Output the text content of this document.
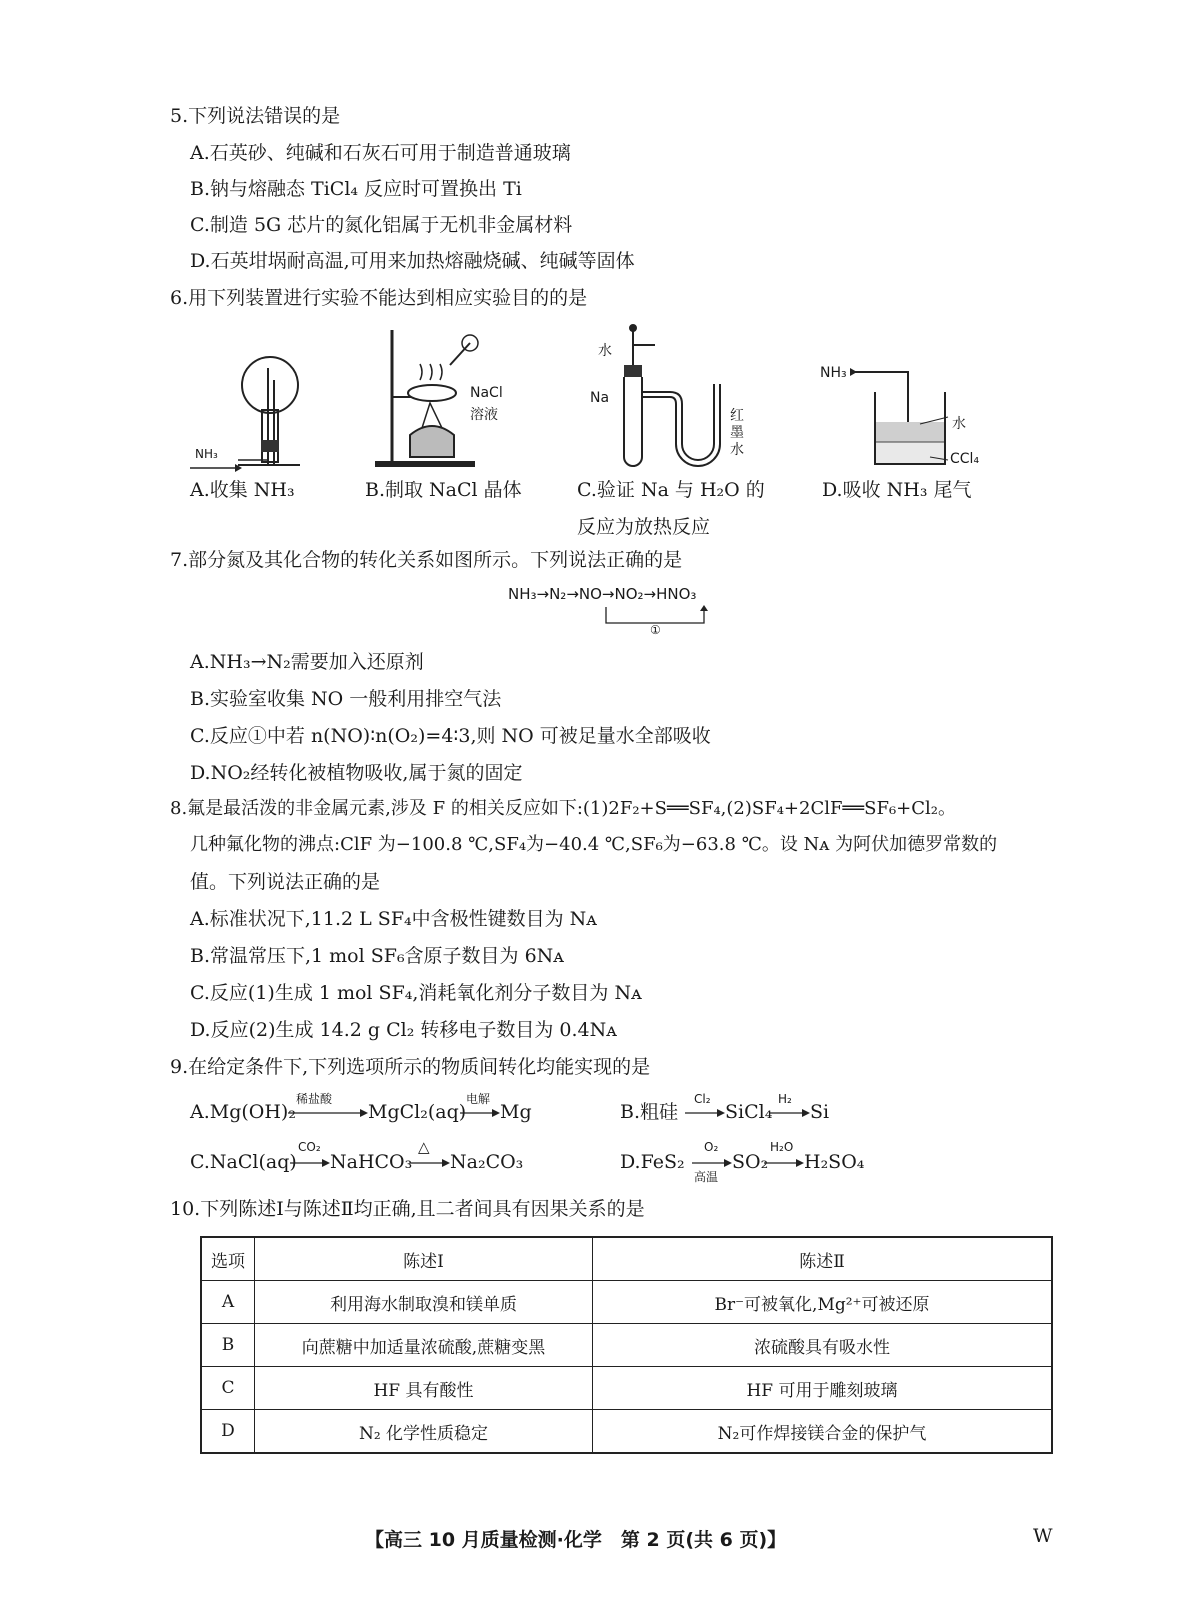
5.下列说法错误的是
A.石英砂、纯碱和石灰石可用于制造普通玻璃
B.钠与熔融态 TiCl₄ 反应时可置换出 Ti
C.制造 5G 芯片的氮化铝属于无机非金属材料
D.石英坩埚耐高温,可用来加热熔融烧碱、纯碱等固体
6.用下列装置进行实验不能达到相应实验目的的是
NH₃
A.收集 NH₃
NaCl
溶液
B.制取 NaCl 晶体
水
Na
红
墨
水
C.验证 Na 与 H₂O 的
反应为放热反应
NH₃
水
CCl₄
D.吸收 NH₃ 尾气
7.部分氮及其化合物的转化关系如图所示。下列说法正确的是
NH₃→N₂→NO→NO₂→HNO₃
①
A.NH₃→N₂需要加入还原剂
B.实验室收集 NO 一般利用排空气法
C.反应①中若 n(NO)∶n(O₂)=4∶3,则 NO 可被足量水全部吸收
D.NO₂经转化被植物吸收,属于氮的固定
8.氟是最活泼的非金属元素,涉及 F 的相关反应如下:(1)2F₂+S══SF₄,(2)SF₄+2ClF══SF₆+Cl₂。
几种氟化物的沸点:ClF 为−100.8 ℃,SF₄为−40.4 ℃,SF₆为−63.8 ℃。设 Nᴀ 为阿伏加德罗常数的
值。下列说法正确的是
A.标准状况下,11.2 L SF₄中含极性键数目为 Nᴀ
B.常温常压下,1 mol SF₆含原子数目为 6Nᴀ
C.反应(1)生成 1 mol SF₄,消耗氧化剂分子数目为 Nᴀ
D.反应(2)生成 14.2 g Cl₂ 转移电子数目为 0.4Nᴀ
9.在给定条件下,下列选项所示的物质间转化均能实现的是
A.Mg(OH)₂
稀盐酸
MgCl₂(aq)
电解
Mg	B.粗硅
Cl₂
SiCl₄
H₂
Si
C.NaCl(aq)
CO₂
NaHCO₃
△
Na₂CO₃	D.FeS₂
O₂
高温
SO₂
H₂O
H₂SO₄
10.下列陈述Ⅰ与陈述Ⅱ均正确,且二者间具有因果关系的是
选项	陈述Ⅰ	陈述Ⅱ
A	利用海水制取溴和镁单质	Br⁻可被氧化,Mg²⁺可被还原
B	向蔗糖中加适量浓硫酸,蔗糖变黑	浓硫酸具有吸水性
C	HF 具有酸性	HF 可用于雕刻玻璃
D	N₂ 化学性质稳定	N₂可作焊接镁合金的保护气
【高三 10 月质量检测·化学　第 2 页(共 6 页)】	W
